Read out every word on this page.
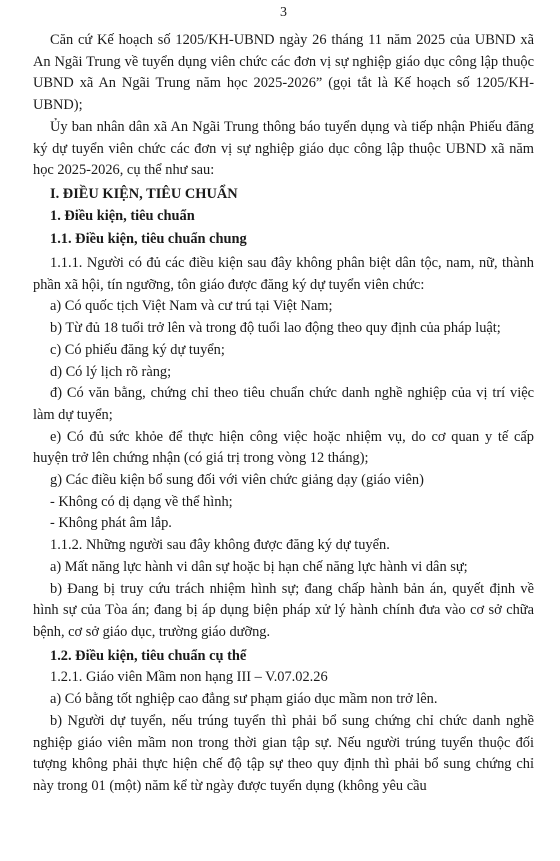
3

Căn cứ Kế hoạch số 1205/KH-UBND ngày 26 tháng 11 năm 2025 của UBND xã An Ngãi Trung về tuyển dụng viên chức các đơn vị sự nghiệp giáo dục công lập thuộc UBND xã An Ngãi Trung năm học 2025-2026” (gọi tắt là Kế hoạch số 1205/KH-UBND);

Ủy ban nhân dân xã An Ngãi Trung thông báo tuyển dụng và tiếp nhận Phiếu đăng ký dự tuyển viên chức các đơn vị sự nghiệp giáo dục công lập thuộc UBND xã năm học 2025-2026, cụ thể như sau:

I. ĐIỀU KIỆN, TIÊU CHUẨN

1. Điều kiện, tiêu chuẩn

1.1. Điều kiện, tiêu chuẩn chung

1.1.1. Người có đủ các điều kiện sau đây không phân biệt dân tộc, nam, nữ, thành phần xã hội, tín ngưỡng, tôn giáo được đăng ký dự tuyển viên chức:

a) Có quốc tịch Việt Nam và cư trú tại Việt Nam;

b) Từ đủ 18 tuổi trở lên và trong độ tuổi lao động theo quy định của pháp luật;

c) Có phiếu đăng ký dự tuyển;

d) Có lý lịch rõ ràng;

đ) Có văn bằng, chứng chỉ theo tiêu chuẩn chức danh nghề nghiệp của vị trí việc làm dự tuyển;

e) Có đủ sức khỏe để thực hiện công việc hoặc nhiệm vụ, do cơ quan y tế cấp huyện trở lên chứng nhận (có giá trị trong vòng 12 tháng);

g) Các điều kiện bổ sung đối với viên chức giảng dạy (giáo viên)

- Không có dị dạng về thể hình;

- Không phát âm lắp.

1.1.2. Những người sau đây không được đăng ký dự tuyển.

a) Mất năng lực hành vi dân sự hoặc bị hạn chế năng lực hành vi dân sự;

b) Đang bị truy cứu trách nhiệm hình sự; đang chấp hành bản án, quyết định về hình sự của Tòa án; đang bị áp dụng biện pháp xử lý hành chính đưa vào cơ sở chữa bệnh, cơ sở giáo dục, trường giáo dưỡng.

1.2. Điều kiện, tiêu chuẩn cụ thể

1.2.1. Giáo viên Mầm non hạng III – V.07.02.26

a) Có bằng tốt nghiệp cao đẳng sư phạm giáo dục mầm non trở lên.

b) Người dự tuyển, nếu trúng tuyển thì phải bổ sung chứng chỉ chức danh nghề nghiệp giáo viên mầm non trong thời gian tập sự. Nếu người trúng tuyển thuộc đối tượng không phải thực hiện chế độ tập sự theo quy định thì phải bổ sung chứng chỉ này trong 01 (một) năm kể từ ngày được tuyển dụng (không yêu cầu
